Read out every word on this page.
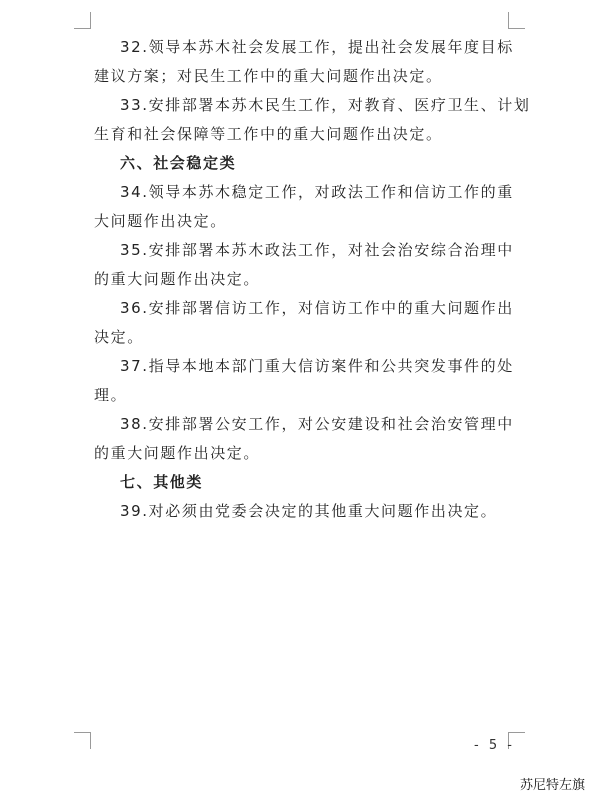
32.领导本苏木社会发展工作，提出社会发展年度目标
建议方案；对民生工作中的重大问题作出决定。
33.安排部署本苏木民生工作，对教育、医疗卫生、计划
生育和社会保障等工作中的重大问题作出决定。
六、社会稳定类
34.领导本苏木稳定工作，对政法工作和信访工作的重
大问题作出决定。
35.安排部署本苏木政法工作，对社会治安综合治理中
的重大问题作出决定。
36.安排部署信访工作，对信访工作中的重大问题作出
决定。
37.指导本地本部门重大信访案件和公共突发事件的处
理。
38.安排部署公安工作，对公安建设和社会治安管理中
的重大问题作出决定。
七、其他类
39.对必须由党委会决定的其他重大问题作出决定。
- 5 -
苏尼特左旗
